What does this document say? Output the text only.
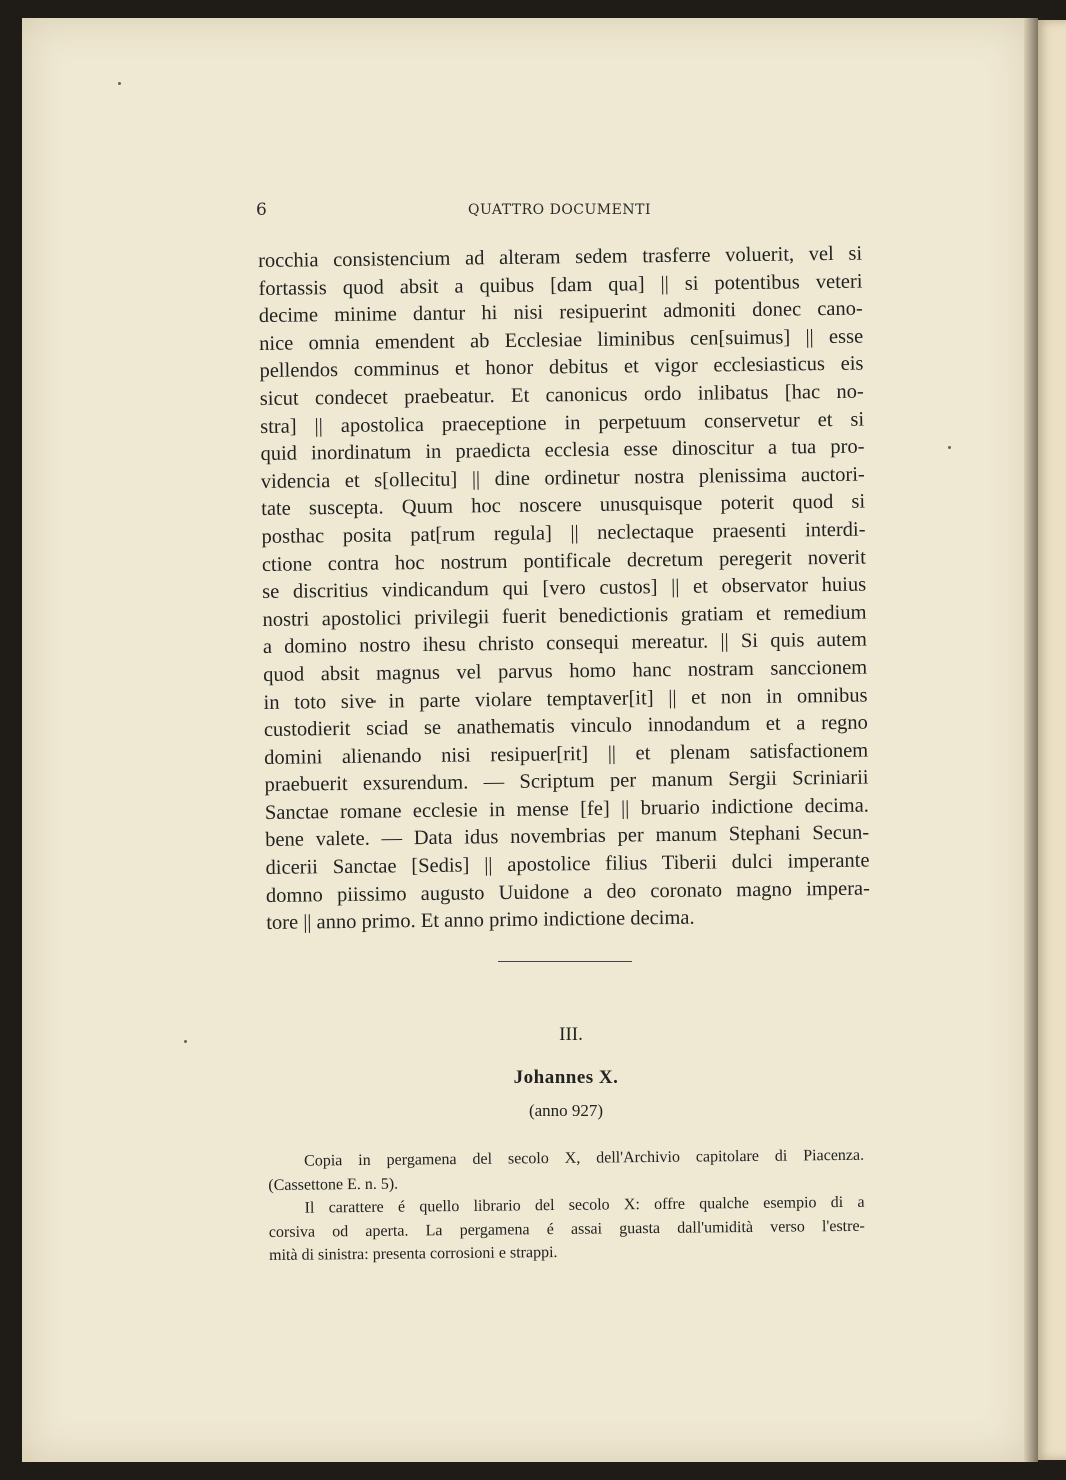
6	QUATTRO DOCUMENTI
rocchia consistencium ad alteram sedem trasferre voluerit, vel si
fortassis quod absit a quibus [dam qua] || si potentibus veteri
decime minime dantur hi nisi resipuerint admoniti donec cano-
nice omnia emendent ab Ecclesiae liminibus cen[suimus] || esse
pellendos comminus et honor debitus et vigor ecclesiasticus eis
sicut condecet praebeatur. Et canonicus ordo inlibatus [hac no-
stra] || apostolica praeceptione in perpetuum conservetur et si
quid inordinatum in praedicta ecclesia esse dinoscitur a tua pro-
videncia et s[ollecitu] || dine ordinetur nostra plenissima auctori-
tate suscepta. Quum hoc noscere unusquisque poterit quod si
posthac posita pat[rum regula] || neclectaque praesenti interdi-
ctione contra hoc nostrum pontificale decretum peregerit noverit
se discritius vindicandum qui [vero custos] || et observator huius
nostri apostolici privilegii fuerit benedictionis gratiam et remedium
a domino nostro ihesu christo consequi mereatur. || Si quis autem
quod absit magnus vel parvus homo hanc nostram sanccionem
in toto sive in parte violare temptaver[it] || et non in omnibus
custodierit sciad se anathematis vinculo innodandum et a regno
domini alienando nisi resipuer[rit] || et plenam satisfactionem
praebuerit exsurendum. — Scriptum per manum Sergii Scriniarii
Sanctae romane ecclesie in mense [fe] || bruario indictione decima.
bene valete. — Data idus novembrias per manum Stephani Secun-
dicerii Sanctae [Sedis] || apostolice filius Tiberii dulci imperante
domno piissimo augusto Uuidone a deo coronato magno impera-
tore || anno primo. Et anno primo indictione decima.
III.
Johannes X.
(anno 927)
Copia in pergamena del secolo X, dell'Archivio capitolare di Piacenza.
(Cassettone E. n. 5).
Il carattere é quello librario del secolo X: offre qualche esempio di a
corsiva od aperta. La pergamena é assai guasta dall'umidità verso l'estre-
mità di sinistra: presenta corrosioni e strappi.
